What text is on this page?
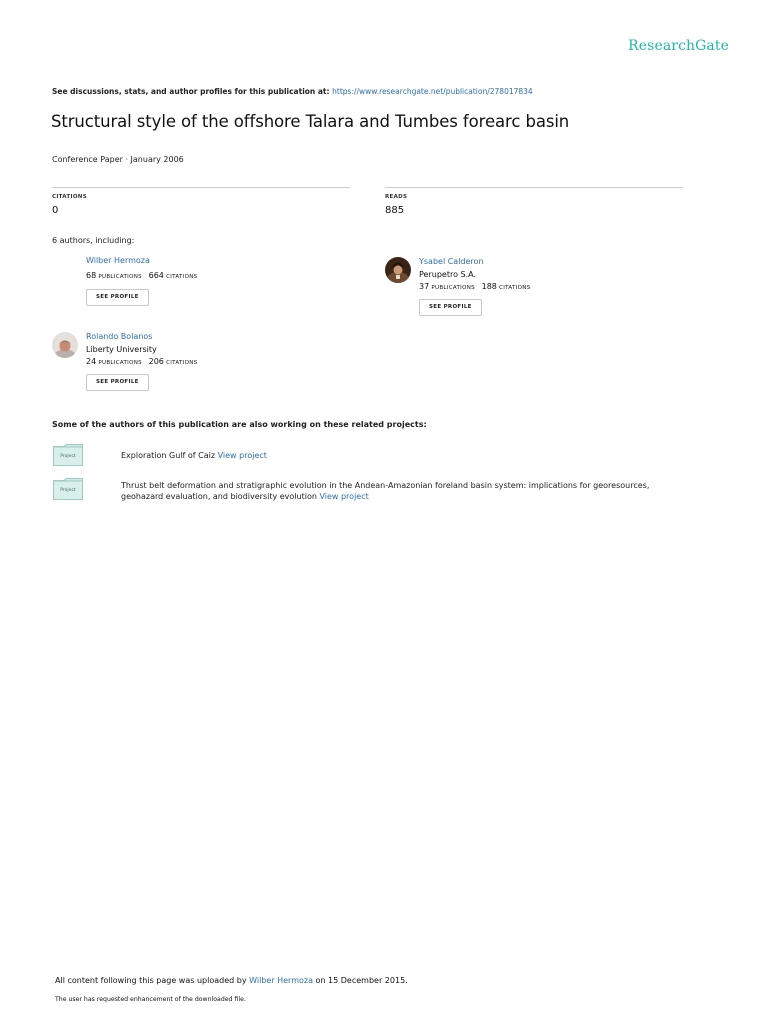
ResearchGate
See discussions, stats, and author profiles for this publication at: https://www.researchgate.net/publication/278017834
Structural style of the offshore Talara and Tumbes forearc basin
Conference Paper · January 2006
CITATIONS
0
READS
885
6 authors, including:
Wilber Hermoza
68 PUBLICATIONS 664 CITATIONS
SEE PROFILE
Ysabel Calderon
Perupetro S.A.
37 PUBLICATIONS 188 CITATIONS
SEE PROFILE
Rolando Bolanos
Liberty University
24 PUBLICATIONS 206 CITATIONS
SEE PROFILE
Some of the authors of this publication are also working on these related projects:
Project	Exploration Gulf of Caiz View project
Project
Thrust belt deformation and stratigraphic evolution in the Andean-Amazonian foreland basin system: implications for georesources,
geohazard evaluation, and biodiversity evolution View project
All content following this page was uploaded by Wilber Hermoza on 15 December 2015.
The user has requested enhancement of the downloaded file.
